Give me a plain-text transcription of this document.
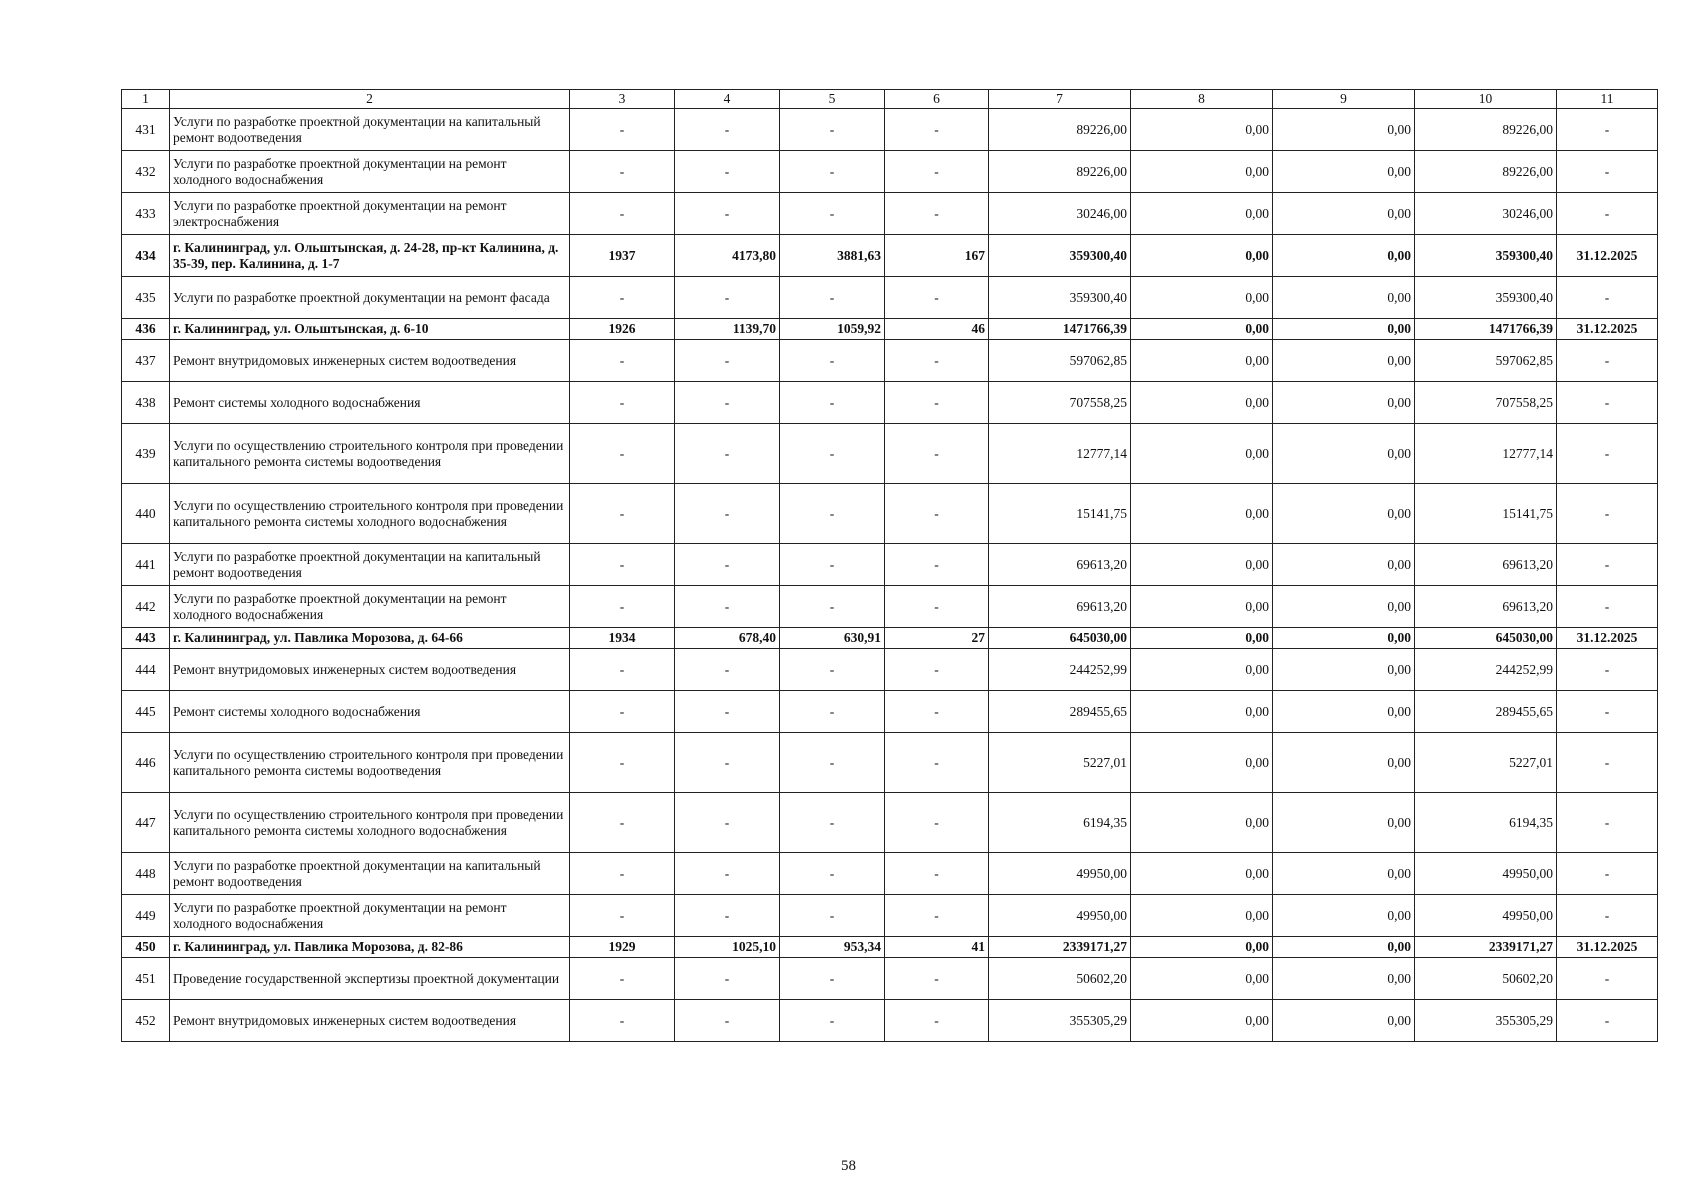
1	2	3	4	5	6	7	8	9	10	11
431	Услуги по разработке проектной документации на капитальный ремонт водоотведения	-	-	-	-	89226,00	0,00	0,00	89226,00	-
432	Услуги по разработке проектной документации на ремонт холодного водоснабжения	-	-	-	-	89226,00	0,00	0,00	89226,00	-
433	Услуги по разработке проектной документации на ремонт электроснабжения	-	-	-	-	30246,00	0,00	0,00	30246,00	-
434	г. Калининград, ул. Ольштынская, д. 24-28, пр-кт Калинина, д. 35-39, пер. Калинина, д. 1-7	1937	4173,80	3881,63	167	359300,40	0,00	0,00	359300,40	31.12.2025
435	Услуги по разработке проектной документации на ремонт фасада	-	-	-	-	359300,40	0,00	0,00	359300,40	-
436	г. Калининград, ул. Ольштынская, д. 6-10	1926	1139,70	1059,92	46	1471766,39	0,00	0,00	1471766,39	31.12.2025
437	Ремонт внутридомовых инженерных систем водоотведения	-	-	-	-	597062,85	0,00	0,00	597062,85	-
438	Ремонт системы холодного водоснабжения	-	-	-	-	707558,25	0,00	0,00	707558,25	-
439	Услуги по осуществлению строительного контроля при проведении капитального ремонта системы водоотведения	-	-	-	-	12777,14	0,00	0,00	12777,14	-
440	Услуги по осуществлению строительного контроля при проведении капитального ремонта системы холодного водоснабжения	-	-	-	-	15141,75	0,00	0,00	15141,75	-
441	Услуги по разработке проектной документации на капитальный ремонт водоотведения	-	-	-	-	69613,20	0,00	0,00	69613,20	-
442	Услуги по разработке проектной документации на ремонт холодного водоснабжения	-	-	-	-	69613,20	0,00	0,00	69613,20	-
443	г. Калининград, ул. Павлика Морозова, д. 64-66	1934	678,40	630,91	27	645030,00	0,00	0,00	645030,00	31.12.2025
444	Ремонт внутридомовых инженерных систем водоотведения	-	-	-	-	244252,99	0,00	0,00	244252,99	-
445	Ремонт системы холодного водоснабжения	-	-	-	-	289455,65	0,00	0,00	289455,65	-
446	Услуги по осуществлению строительного контроля при проведении капитального ремонта системы водоотведения	-	-	-	-	5227,01	0,00	0,00	5227,01	-
447	Услуги по осуществлению строительного контроля при проведении капитального ремонта системы холодного водоснабжения	-	-	-	-	6194,35	0,00	0,00	6194,35	-
448	Услуги по разработке проектной документации на капитальный ремонт водоотведения	-	-	-	-	49950,00	0,00	0,00	49950,00	-
449	Услуги по разработке проектной документации на ремонт холодного водоснабжения	-	-	-	-	49950,00	0,00	0,00	49950,00	-
450	г. Калининград, ул. Павлика Морозова, д. 82-86	1929	1025,10	953,34	41	2339171,27	0,00	0,00	2339171,27	31.12.2025
451	Проведение государственной экспертизы проектной документации	-	-	-	-	50602,20	0,00	0,00	50602,20	-
452	Ремонт внутридомовых инженерных систем водоотведения	-	-	-	-	355305,29	0,00	0,00	355305,29	-
58
